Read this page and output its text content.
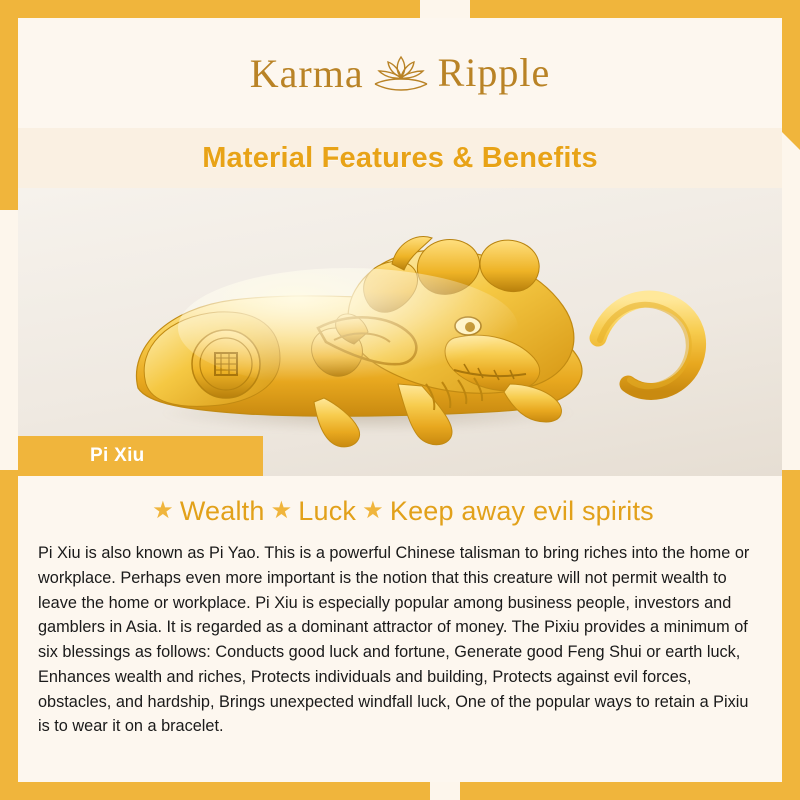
Karma Ripple
Material Features & Benefits
Pi Xiu
★ Wealth ★ Luck ★ Keep away evil spirits
Pi Xiu is also known as Pi Yao. This is a powerful Chinese talisman to bring riches into the home or workplace. Perhaps even more important is the notion that this creature will not permit wealth to leave the home or workplace. Pi Xiu is especially popular among business people, investors and gamblers in Asia. It is regarded as a dominant attractor of money. The Pixiu provides a minimum of six blessings as follows: Conducts good luck and fortune, Generate good Feng Shui or earth luck, Enhances wealth and riches, Protects individuals and building, Protects against evil forces, obstacles, and hardship, Brings unexpected windfall luck, One of the popular ways to retain a Pixiu is to wear it on a bracelet.
